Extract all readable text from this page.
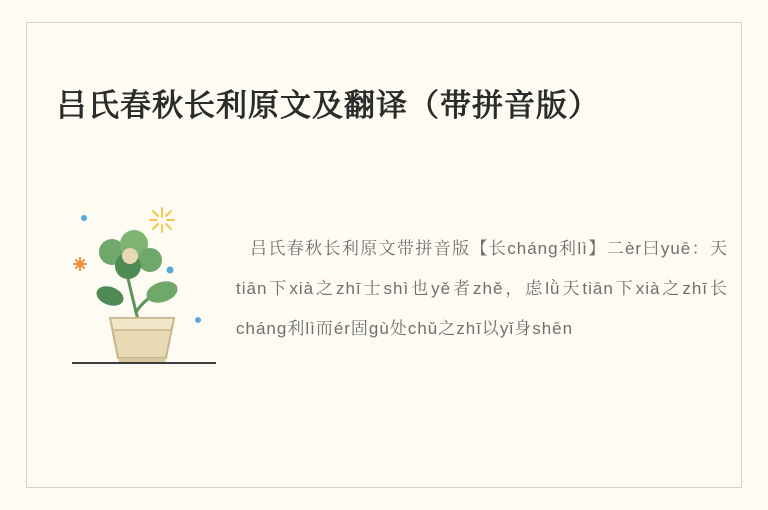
吕氏春秋长利原文及翻译（带拼音版）

吕氏春秋长利原文带拼音版【长cháng利lì】二èr曰yuē：天tiān下xià之zhī士shì也yě者zhě，虑lǜ天tiān下xià之zhī长cháng利lì而ér固gù处chǔ之zhī以yǐ身shēn
